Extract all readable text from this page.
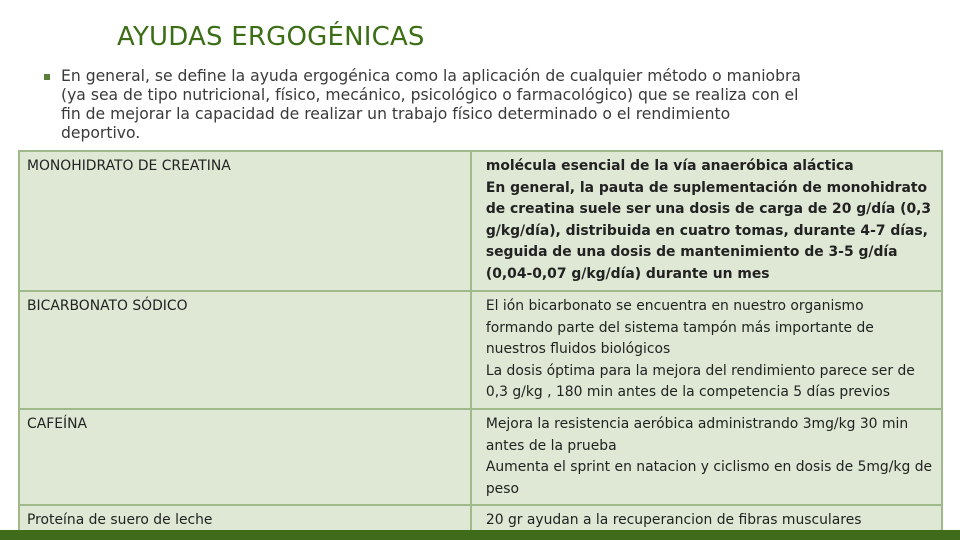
AYUDAS ERGOGÉNICAS
En general, se define la ayuda ergogénica como la aplicación de cualquier método o maniobra (ya sea de tipo nutricional, físico, mecánico, psicológico o farmacológico) que se realiza con el fin de mejorar la capacidad de realizar un trabajo físico determinado o el rendimiento deportivo.
MONOHIDRATO DE CREATINA	molécula esencial de la vía anaeróbica aláctica
En general, la pauta de suplementación de monohidrato de creatina suele ser una dosis de carga de 20 g/día (0,3 g/kg/día), distribuida en cuatro tomas, durante 4-7 días, seguida de una dosis de mantenimiento de 3-5 g/día (0,04-0,07 g/kg/día) durante un mes

BICARBONATO SÓDICO	El ión bicarbonato se encuentra en nuestro organismo formando parte del sistema tampón más importante de nuestros fluidos biológicos
La dosis óptima para la mejora del rendimiento parece ser de 0,3 g/kg , 180 min antes de la competencia 5 días previos

CAFEÍNA	Mejora la resistencia aeróbica administrando 3mg/kg 30 min antes de la prueba
Aumenta el sprint en natacion y ciclismo en dosis de 5mg/kg de peso

Proteína de suero de leche	20 gr ayudan a la recuperancion de fibras musculares
